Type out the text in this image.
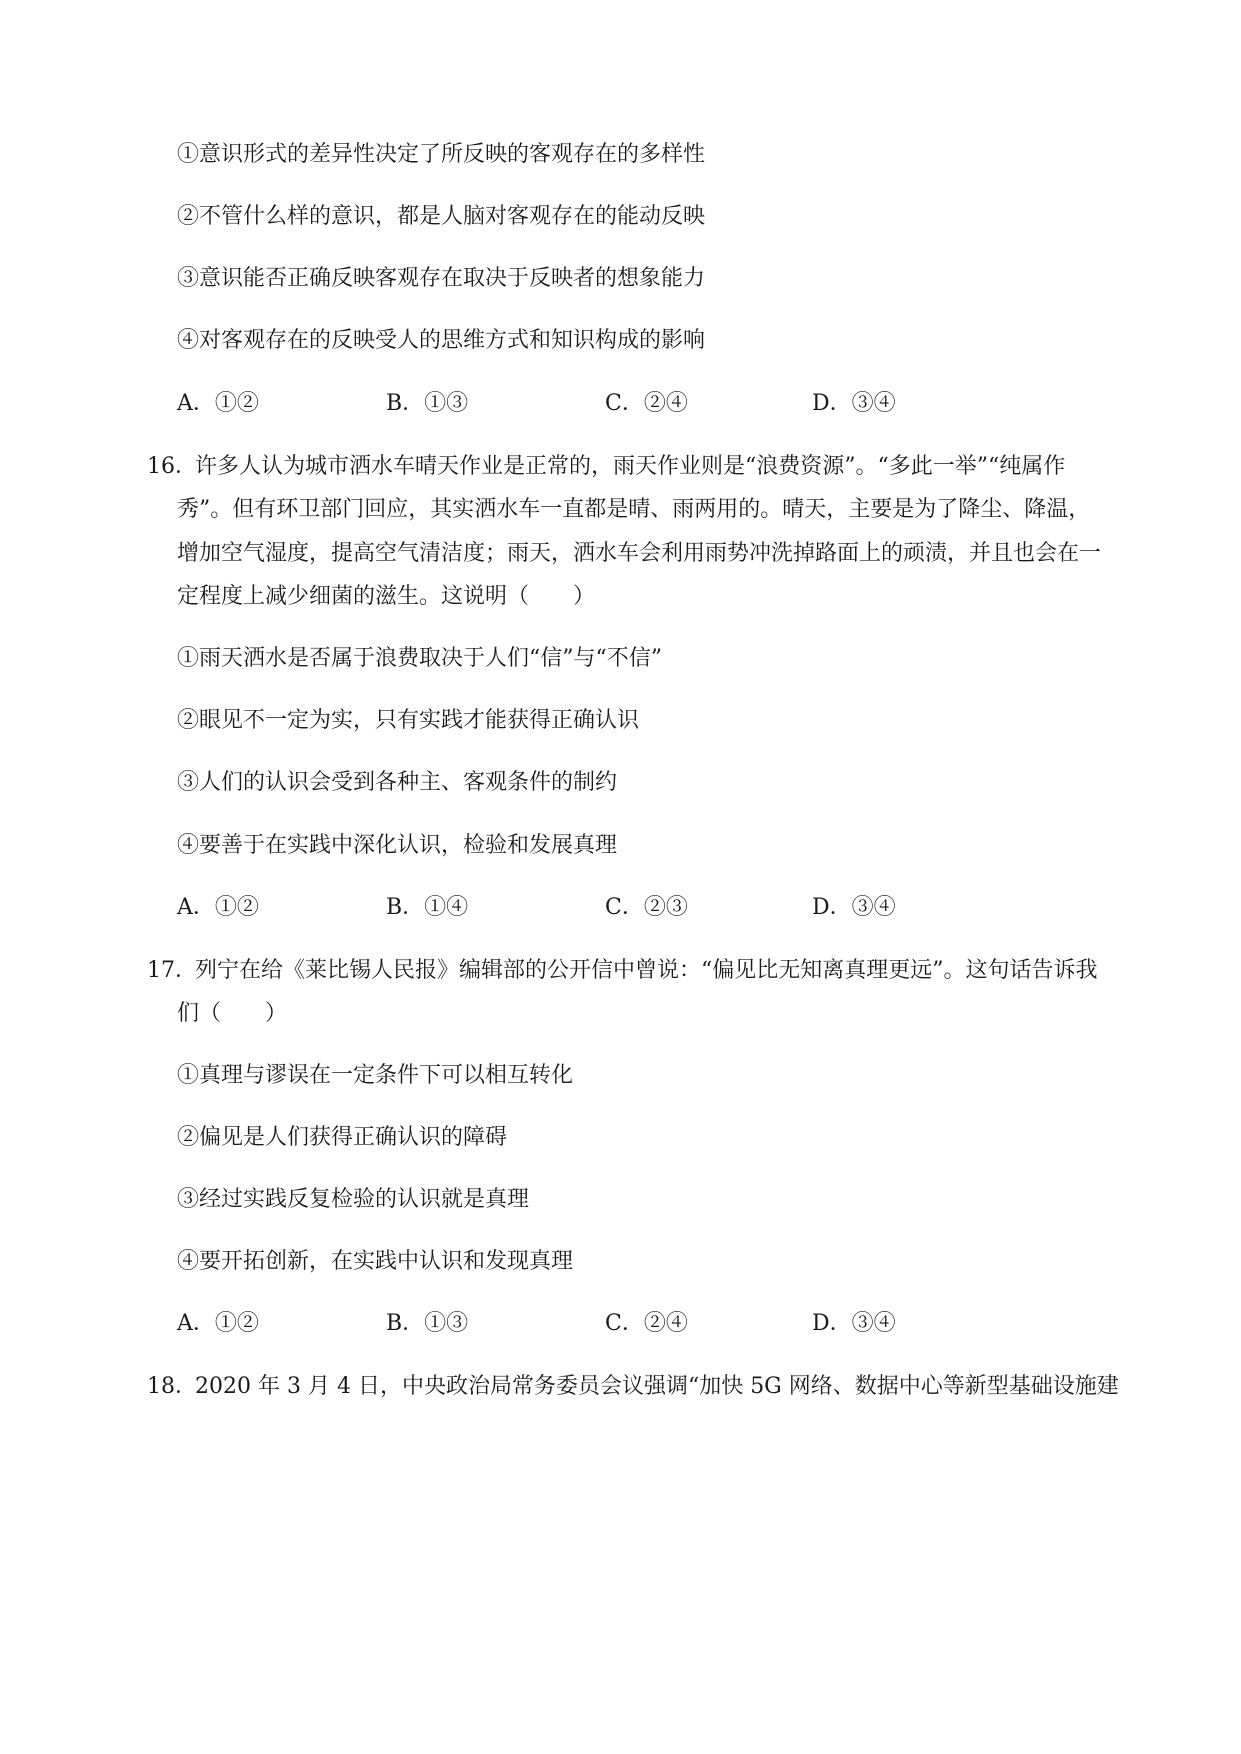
①意识形式的差异性决定了所反映的客观存在的多样性
②不管什么样的意识，都是人脑对客观存在的能动反映
③意识能否正确反映客观存在取决于反映者的想象能力
④对客观存在的反映受人的思维方式和知识构成的影响
A．①②	B．①③	C．②④	D．③④
16．
许多人认为城市洒水车晴天作业是正常的，雨天作业则是“浪费资源”。“多此一举”“纯属作
秀”。但有环卫部门回应，其实洒水车一直都是晴、雨两用的。晴天，主要是为了降尘、降温，
增加空气湿度，提高空气清洁度；雨天，洒水车会利用雨势冲洗掉路面上的顽渍，并且也会在一
定程度上减少细菌的滋生。这说明（　　）
①雨天洒水是否属于浪费取决于人们“信”与“不信”
②眼见不一定为实，只有实践才能获得正确认识
③人们的认识会受到各种主、客观条件的制约
④要善于在实践中深化认识，检验和发展真理
A．①②	B．①④	C．②③	D．③④
17．
列宁在给《莱比锡人民报》编辑部的公开信中曾说：“偏见比无知离真理更远”。这句话告诉我
们（　　）
①真理与谬误在一定条件下可以相互转化
②偏见是人们获得正确认识的障碍
③经过实践反复检验的认识就是真理
④要开拓创新，在实践中认识和发现真理
A．①②	B．①③	C．②④	D．③④
18．
2020 年 3 月 4 日，中央政治局常务委员会议强调“加快 5G 网络、数据中心等新型基础设施建
